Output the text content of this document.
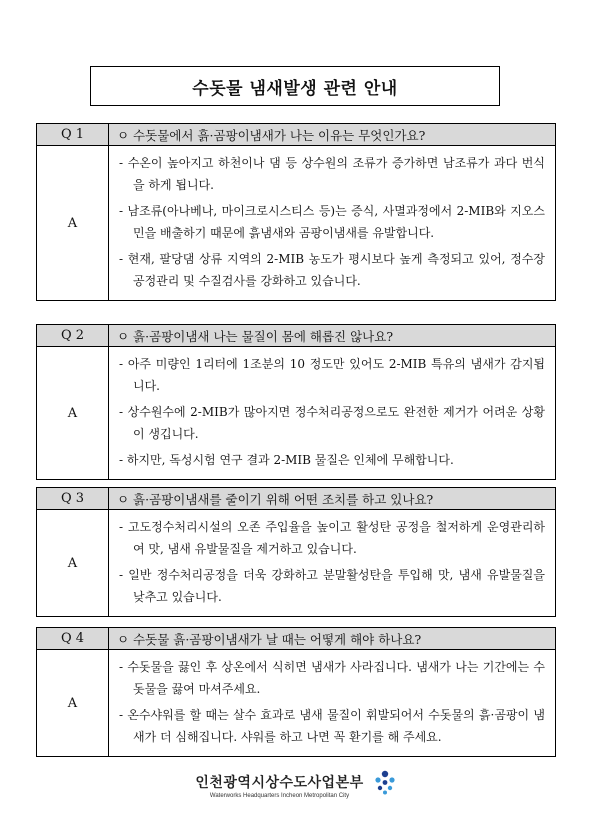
수돗물 냄새발생 관련 안내
Q 1	ㅇ 수돗물에서 흙·곰팡이냄새가 나는 이유는 무엇인가요?
A	- 수온이 높아지고 하천이나 댐 등 상수원의 조류가 증가하면 남조류가 과다 번식을 하게 됩니다.
- 남조류(아나베나, 마이크로시스티스 등)는 증식, 사멸과정에서 2-MIB와 지오스민을 배출하기 때문에 흙냄새와 곰팡이냄새를 유발합니다.
- 현재, 팔당댐 상류 지역의 2-MIB 농도가 평시보다 높게 측정되고 있어, 정수장 공정관리 및 수질검사를 강화하고 있습니다.
Q 2	ㅇ 흙·곰팡이냄새 나는 물질이 몸에 해롭진 않나요?
A	- 아주 미량인 1리터에 1조분의 10 정도만 있어도 2-MIB 특유의 냄새가 감지됩니다.
- 상수원수에 2-MIB가 많아지면 정수처리공정으로도 완전한 제거가 어려운 상황이 생깁니다.
- 하지만, 독성시험 연구 결과 2-MIB 물질은 인체에 무해합니다.
Q 3	ㅇ 흙·곰팡이냄새를 줄이기 위해 어떤 조치를 하고 있나요?
A	- 고도정수처리시설의 오존 주입율을 높이고 활성탄 공정을 철저하게 운영관리하여 맛, 냄새 유발물질을 제거하고 있습니다.
- 일반 정수처리공정을 더욱 강화하고 분말활성탄을 투입해 맛, 냄새 유발물질을 낮추고 있습니다.
Q 4	ㅇ 수돗물 흙·곰팡이냄새가 날 때는 어떻게 해야 하나요?
A	- 수돗물을 끓인 후 상온에서 식히면 냄새가 사라집니다. 냄새가 나는 기간에는 수돗물을 끓여 마셔주세요.
- 온수샤워를 할 때는 살수 효과로 냄새 물질이 휘발되어서 수돗물의 흙·곰팡이 냄새가 더 심해집니다. 샤워를 하고 나면 꼭 환기를 해 주세요.
인천광역시상수도사업본부
Waterworks Headquarters Incheon Metropolitan City
